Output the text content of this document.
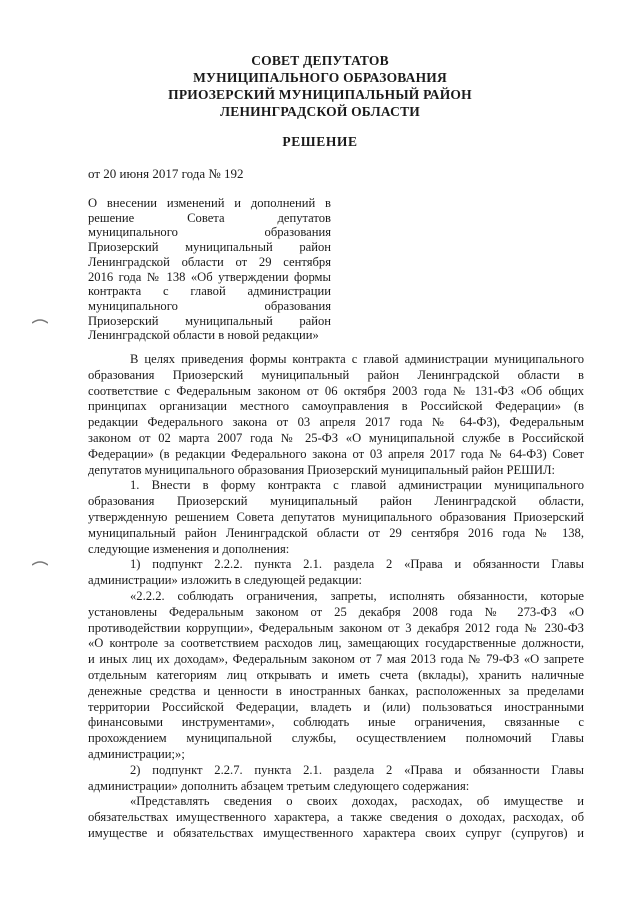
СОВЕТ ДЕПУТАТОВ
МУНИЦИПАЛЬНОГО ОБРАЗОВАНИЯ
ПРИОЗЕРСКИЙ МУНИЦИПАЛЬНЫЙ РАЙОН
ЛЕНИНГРАДСКОЙ ОБЛАСТИ
РЕШЕНИЕ
от 20 июня 2017 года № 192
О внесении изменений и дополнений в
решение Совета депутатов
муниципального образования
Приозерский муниципальный район
Ленинградской области от 29 сентября
2016 года № 138 «Об утверждении формы
контракта с главой администрации
муниципального образования
Приозерский муниципальный район
Ленинградской области в новой редакции»
В целях приведения формы контракта с главой администрации муниципального
образования Приозерский муниципальный район Ленинградской области в
соответствие с Федеральным законом от 06 октября 2003 года № 131-ФЗ «Об общих
принципах организации местного самоуправления в Российской Федерации» (в
редакции Федерального закона от 03 апреля 2017 года № 64-ФЗ), Федеральным
законом от 02 марта 2007 года № 25-ФЗ «О муниципальной службе в Российской
Федерации» (в редакции Федерального закона от 03 апреля 2017 года № 64-ФЗ) Совет
депутатов муниципального образования Приозерский муниципальный район РЕШИЛ:
1. Внести в форму контракта с главой администрации муниципального
образования Приозерский муниципальный район Ленинградской области,
утвержденную решением Совета депутатов муниципального образования Приозерский
муниципальный район Ленинградской области от 29 сентября 2016 года № 138,
следующие изменения и дополнения:
1) подпункт 2.2.2. пункта 2.1. раздела 2 «Права и обязанности Главы
администрации» изложить в следующей редакции:
«2.2.2. соблюдать ограничения, запреты, исполнять обязанности, которые
установлены Федеральным законом от 25 декабря 2008 года № 273-ФЗ «О
противодействии коррупции», Федеральным законом от 3 декабря 2012 года № 230-ФЗ
«О контроле за соответствием расходов лиц, замещающих государственные должности,
и иных лиц их доходам», Федеральным законом от 7 мая 2013 года № 79-ФЗ «О запрете
отдельным категориям лиц открывать и иметь счета (вклады), хранить наличные
денежные средства и ценности в иностранных банках, расположенных за пределами
территории Российской Федерации, владеть и (или) пользоваться иностранными
финансовыми инструментами», соблюдать иные ограничения, связанные с
прохождением муниципальной службы, осуществлением полномочий Главы
администрации;»;
2) подпункт 2.2.7. пункта 2.1. раздела 2 «Права и обязанности Главы
администрации» дополнить абзацем третьим следующего содержания:
«Представлять сведения о своих доходах, расходах, об имуществе и
обязательствах имущественного характера, а также сведения о доходах, расходах, об
имуществе и обязательствах имущественного характера своих супруг (супругов) и
